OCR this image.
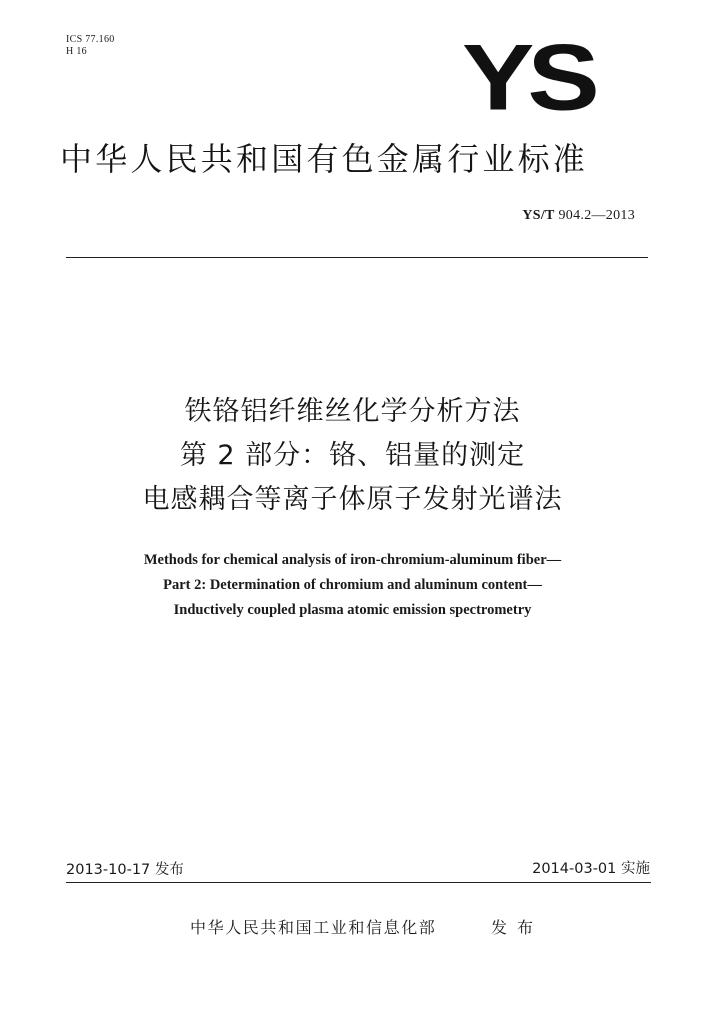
ICS 77.160
H 16	YS
中华人民共和国有色金属行业标准
YS/T 904.2—2013
铁铬铝纤维丝化学分析方法
第 2 部分：铬、铝量的测定
电感耦合等离子体原子发射光谱法
Methods for chemical analysis of iron-chromium-aluminum fiber—
Part 2: Determination of chromium and aluminum content—
Inductively coupled plasma atomic emission spectrometry
2013-10-17 发布	2014-03-01 实施
中华人民共和国工业和信息化部	发布
